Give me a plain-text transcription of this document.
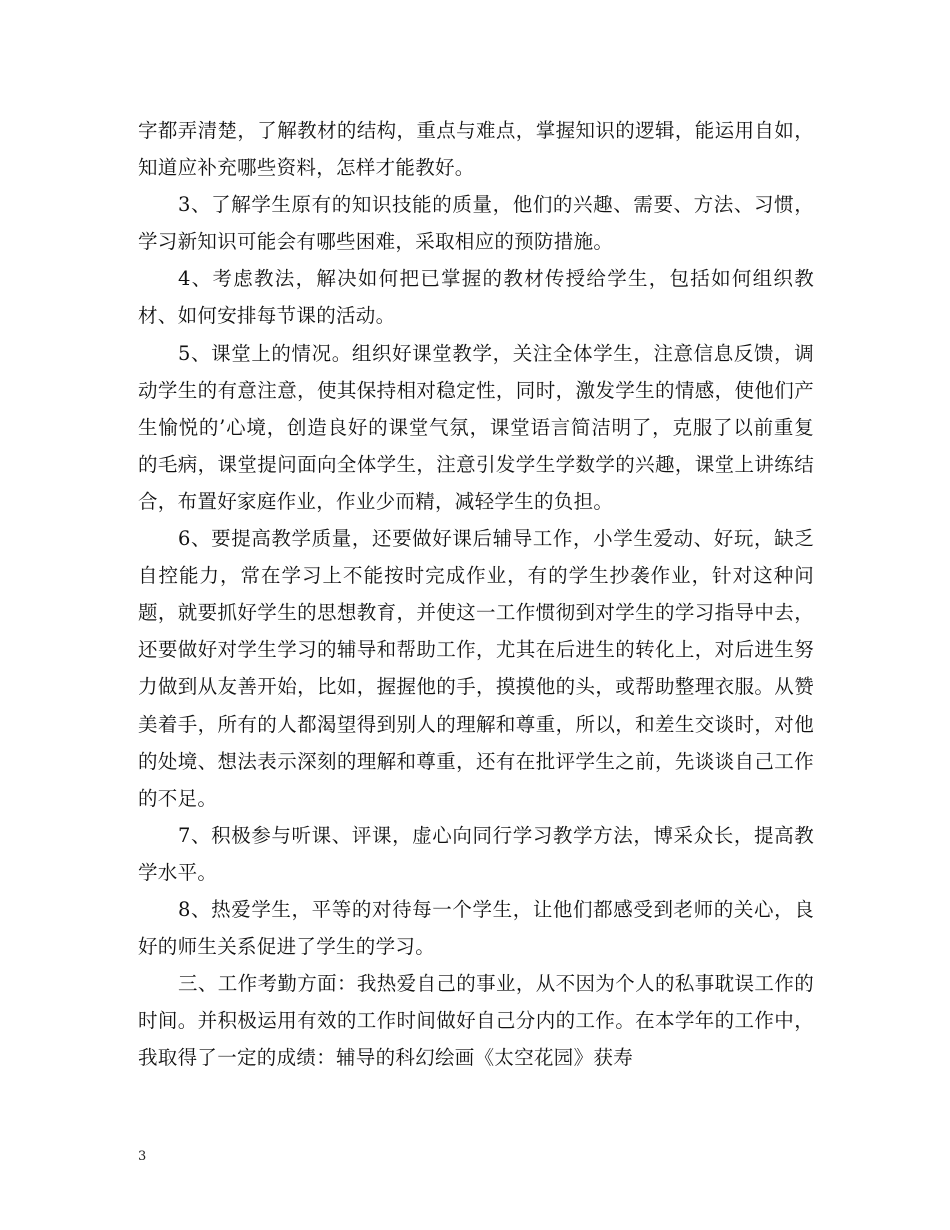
字都弄清楚，了解教材的结构，重点与难点，掌握知识的逻辑，能运用自如，知道应补充哪些资料，怎样才能教好。

3、了解学生原有的知识技能的质量，他们的兴趣、需要、方法、习惯，学习新知识可能会有哪些困难，采取相应的预防措施。

4、考虑教法，解决如何把已掌握的教材传授给学生，包括如何组织教材、如何安排每节课的活动。

5、课堂上的情况。组织好课堂教学，关注全体学生，注意信息反馈，调动学生的有意注意，使其保持相对稳定性，同时，激发学生的情感，使他们产生愉悦的’心境，创造良好的课堂气氛，课堂语言简洁明了，克服了以前重复的毛病，课堂提问面向全体学生，注意引发学生学数学的兴趣，课堂上讲练结合，布置好家庭作业，作业少而精，减轻学生的负担。

6、要提高教学质量，还要做好课后辅导工作，小学生爱动、好玩，缺乏自控能力，常在学习上不能按时完成作业，有的学生抄袭作业，针对这种问题，就要抓好学生的思想教育，并使这一工作惯彻到对学生的学习指导中去，还要做好对学生学习的辅导和帮助工作，尤其在后进生的转化上，对后进生努力做到从友善开始，比如，握握他的手，摸摸他的头，或帮助整理衣服。从赞美着手，所有的人都渴望得到别人的理解和尊重，所以，和差生交谈时，对他的处境、想法表示深刻的理解和尊重，还有在批评学生之前，先谈谈自己工作的不足。

7、积极参与听课、评课，虚心向同行学习教学方法，博采众长，提高教学水平。

8、热爱学生，平等的对待每一个学生，让他们都感受到老师的关心，良好的师生关系促进了学生的学习。

三、工作考勤方面：我热爱自己的事业，从不因为个人的私事耽误工作的时间。并积极运用有效的工作时间做好自己分内的工作。在本学年的工作中，我取得了一定的成绩：辅导的科幻绘画《太空花园》获寿

3
